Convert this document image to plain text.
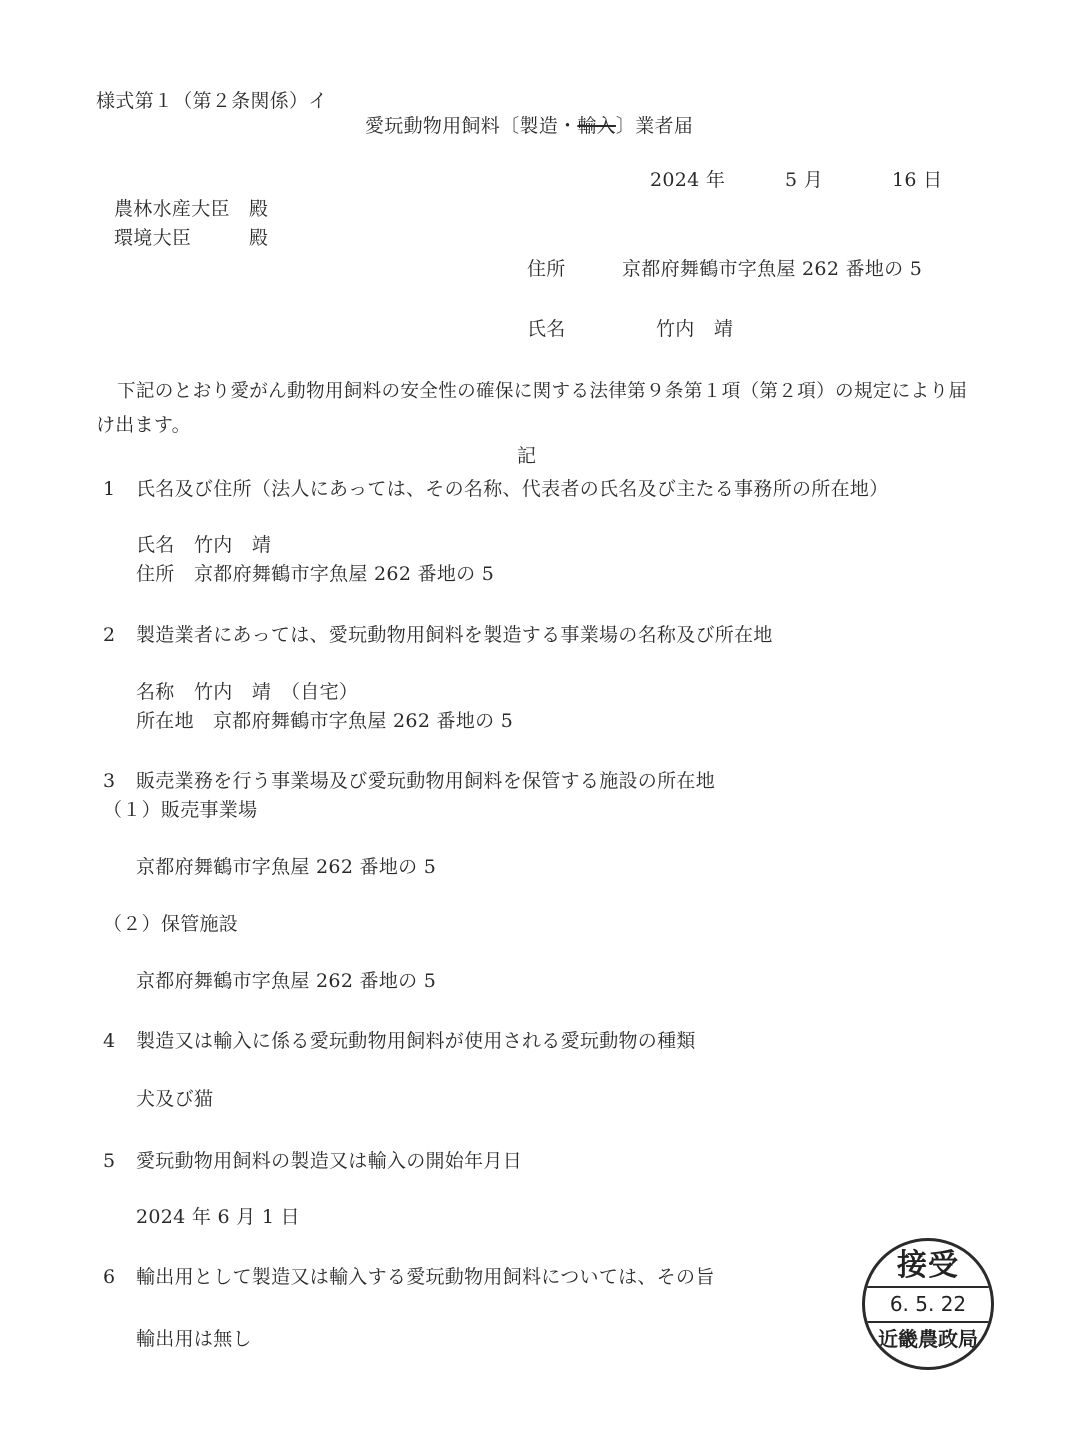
様式第１（第２条関係）イ
愛玩動物用飼料〔製造・輸入〕業者届
2024 年	5 月	16 日
農林水産大臣 殿
環境大臣	殿
住所	京都府舞鶴市字魚屋 262 番地の 5
氏名	竹内　靖
下記のとおり愛がん動物用飼料の安全性の確保に関する法律第９条第１項（第２項）の規定により届
け出ます。
記
1 氏名及び住所（法人にあっては、その名称、代表者の氏名及び主たる事務所の所在地）
氏名 竹内　靖
住所 京都府舞鶴市字魚屋 262 番地の 5
2 製造業者にあっては、愛玩動物用飼料を製造する事業場の名称及び所在地
名称 竹内　靖　（自宅）
所在地 京都府舞鶴市字魚屋 262 番地の 5
3 販売業務を行う事業場及び愛玩動物用飼料を保管する施設の所在地
（１）販売事業場
京都府舞鶴市字魚屋 262 番地の 5
（２）保管施設
京都府舞鶴市字魚屋 262 番地の 5
4 製造又は輸入に係る愛玩動物用飼料が使用される愛玩動物の種類
犬及び猫
5 愛玩動物用飼料の製造又は輸入の開始年月日
2024 年 6 月 1 日
6 輸出用として製造又は輸入する愛玩動物用飼料については、その旨
輸出用は無し
接受
6. 5. 22
近畿農政局
